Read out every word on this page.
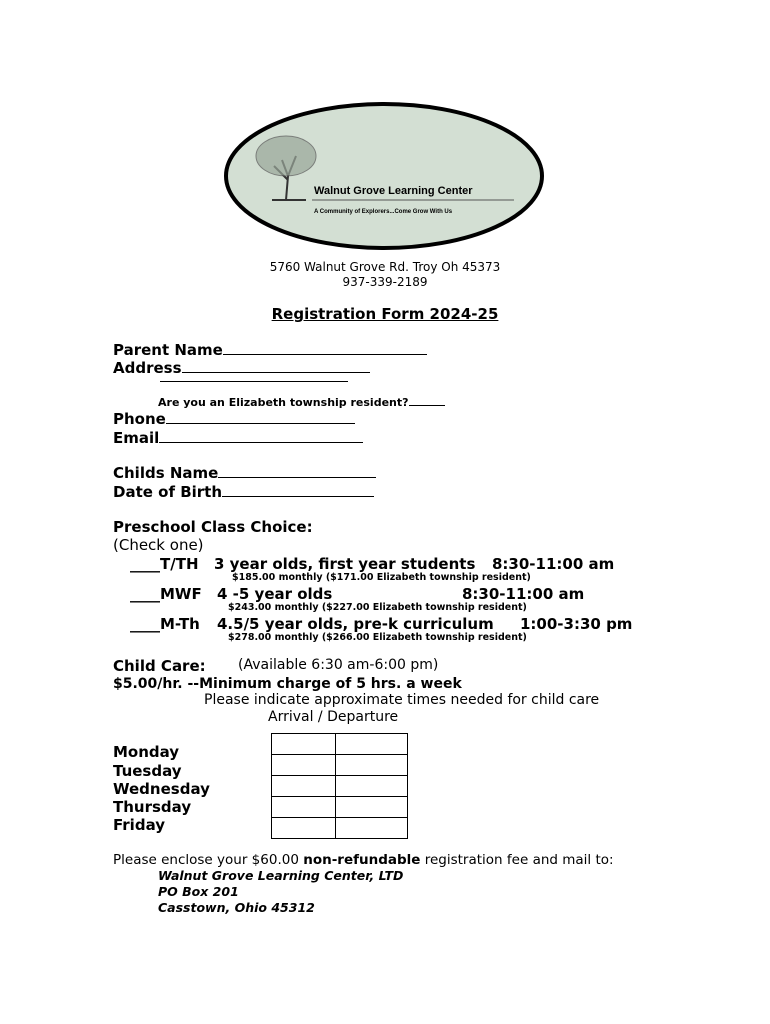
Walnut Grove Learning Center
A Community of Explorers...Come Grow With Us
5760 Walnut Grove Rd. Troy Oh 45373
937-339-2189
Registration Form 2024-25
Parent Name
Address
Are you an Elizabeth township resident?
Phone
Email
Childs Name
Date of Birth
Preschool Class Choice:
(Check one)
____T/TH 3 year olds, first year students 8:30-11:00 am
$185.00 monthly ($171.00 Elizabeth township resident)
____MWF 4 -5 year olds	8:30-11:00 am
$243.00 monthly ($227.00 Elizabeth township resident)
____M-Th 4.5/5 year olds, pre-k curriculum 1:00-3:30 pm
$278.00 monthly ($266.00 Elizabeth township resident)
Child Care: (Available 6:30 am-6:00 pm)
$5.00/hr. --Minimum charge of 5 hrs. a week
Please indicate approximate times needed for child care
Arrival / Departure
Monday
Tuesday
Wednesday
Thursday
Friday

Please enclose your $60.00 non-refundable registration fee and mail to:
Walnut Grove Learning Center, LTD
PO Box 201
Casstown, Ohio 45312
